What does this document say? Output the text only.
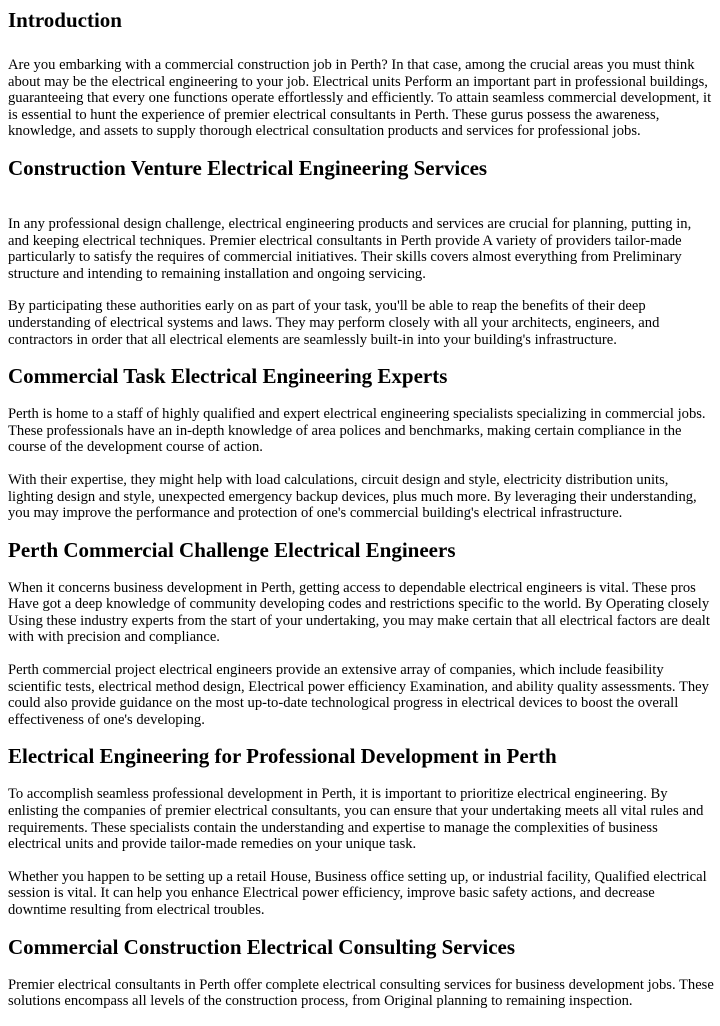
Introduction

Are you embarking with a commercial construction job in Perth? In that case, among the crucial areas you must think about may be the electrical engineering to your job. Electrical units Perform an important part in professional buildings, guaranteeing that every one functions operate effortlessly and efficiently. To attain seamless commercial development, it is essential to hunt the experience of premier electrical consultants in Perth. These gurus possess the awareness, knowledge, and assets to supply thorough electrical consultation products and services for professional jobs.

Construction Venture Electrical Engineering Services

In any professional design challenge, electrical engineering products and services are crucial for planning, putting in, and keeping electrical techniques. Premier electrical consultants in Perth provide A variety of providers tailor-made particularly to satisfy the requires of commercial initiatives. Their skills covers almost everything from Preliminary structure and intending to remaining installation and ongoing servicing.

By participating these authorities early on as part of your task, you'll be able to reap the benefits of their deep understanding of electrical systems and laws. They may perform closely with all your architects, engineers, and contractors in order that all electrical elements are seamlessly built-in into your building's infrastructure.

Commercial Task Electrical Engineering Experts

Perth is home to a staff of highly qualified and expert electrical engineering specialists specializing in commercial jobs. These professionals have an in-depth knowledge of area polices and benchmarks, making certain compliance in the course of the development course of action.

With their expertise, they might help with load calculations, circuit design and style, electricity distribution units, lighting design and style, unexpected emergency backup devices, plus much more. By leveraging their understanding, you may improve the performance and protection of one's commercial building's electrical infrastructure.

Perth Commercial Challenge Electrical Engineers

When it concerns business development in Perth, getting access to dependable electrical engineers is vital. These pros Have got a deep knowledge of community developing codes and restrictions specific to the world. By Operating closely Using these industry experts from the start of your undertaking, you may make certain that all electrical factors are dealt with with precision and compliance.

Perth commercial project electrical engineers provide an extensive array of companies, which include feasibility scientific tests, electrical method design, Electrical power efficiency Examination, and ability quality assessments. They could also provide guidance on the most up-to-date technological progress in electrical devices to boost the overall effectiveness of one's developing.

Electrical Engineering for Professional Development in Perth

To accomplish seamless professional development in Perth, it is important to prioritize electrical engineering. By enlisting the companies of premier electrical consultants, you can ensure that your undertaking meets all vital rules and requirements. These specialists contain the understanding and expertise to manage the complexities of business electrical units and provide tailor-made remedies on your unique task.

Whether you happen to be setting up a retail House, Business office setting up, or industrial facility, Qualified electrical session is vital. It can help you enhance Electrical power efficiency, improve basic safety actions, and decrease downtime resulting from electrical troubles.

Commercial Construction Electrical Consulting Services

Premier electrical consultants in Perth offer complete electrical consulting services for business development jobs. These solutions encompass all levels of the construction process, from Original planning to remaining inspection.
